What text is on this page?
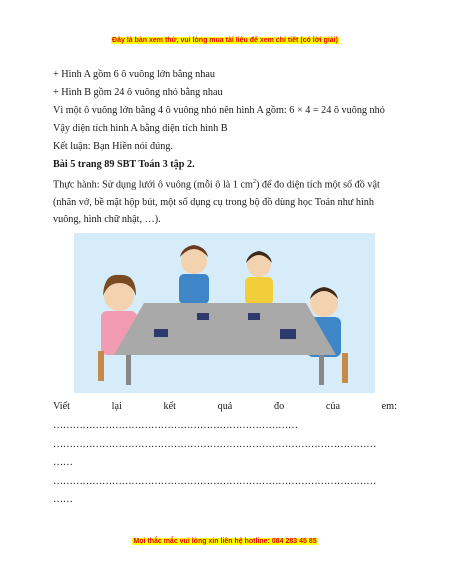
Đây là bản xem thử, vui lòng mua tài liệu để xem chi tiết (có lời giải)
+ Hình A gồm 6 ô vuông lớn bằng nhau
+ Hình B gồm 24 ô vuông nhỏ bằng nhau
Vì một ô vuông lớn bằng 4 ô vuông nhỏ nên hình A gồm: 6 × 4 = 24 ô vuông nhỏ
Vậy diện tích hình A bằng diện tích hình B
Kết luận: Bạn Hiền nói đúng.
Bài 5 trang 89 SBT Toán 3 tập 2.
Thực hành: Sử dụng lưới ô vuông (mỗi ô là 1 $cm^2$) để đo diện tích một số đồ vật (nhãn vở, bề mặt hộp bút, một số dụng cụ trong bộ đồ dùng học Toán như hình vuông, hình chữ nhật, …).
Viết	lại	kết	quả	đo	của	em:
…………………………………………………………………
………………………………………………………………………………………
……
………………………………………………………………………………………
……
Mọi thắc mắc vui lòng xin liên hệ hotline: 084 283 45 85
